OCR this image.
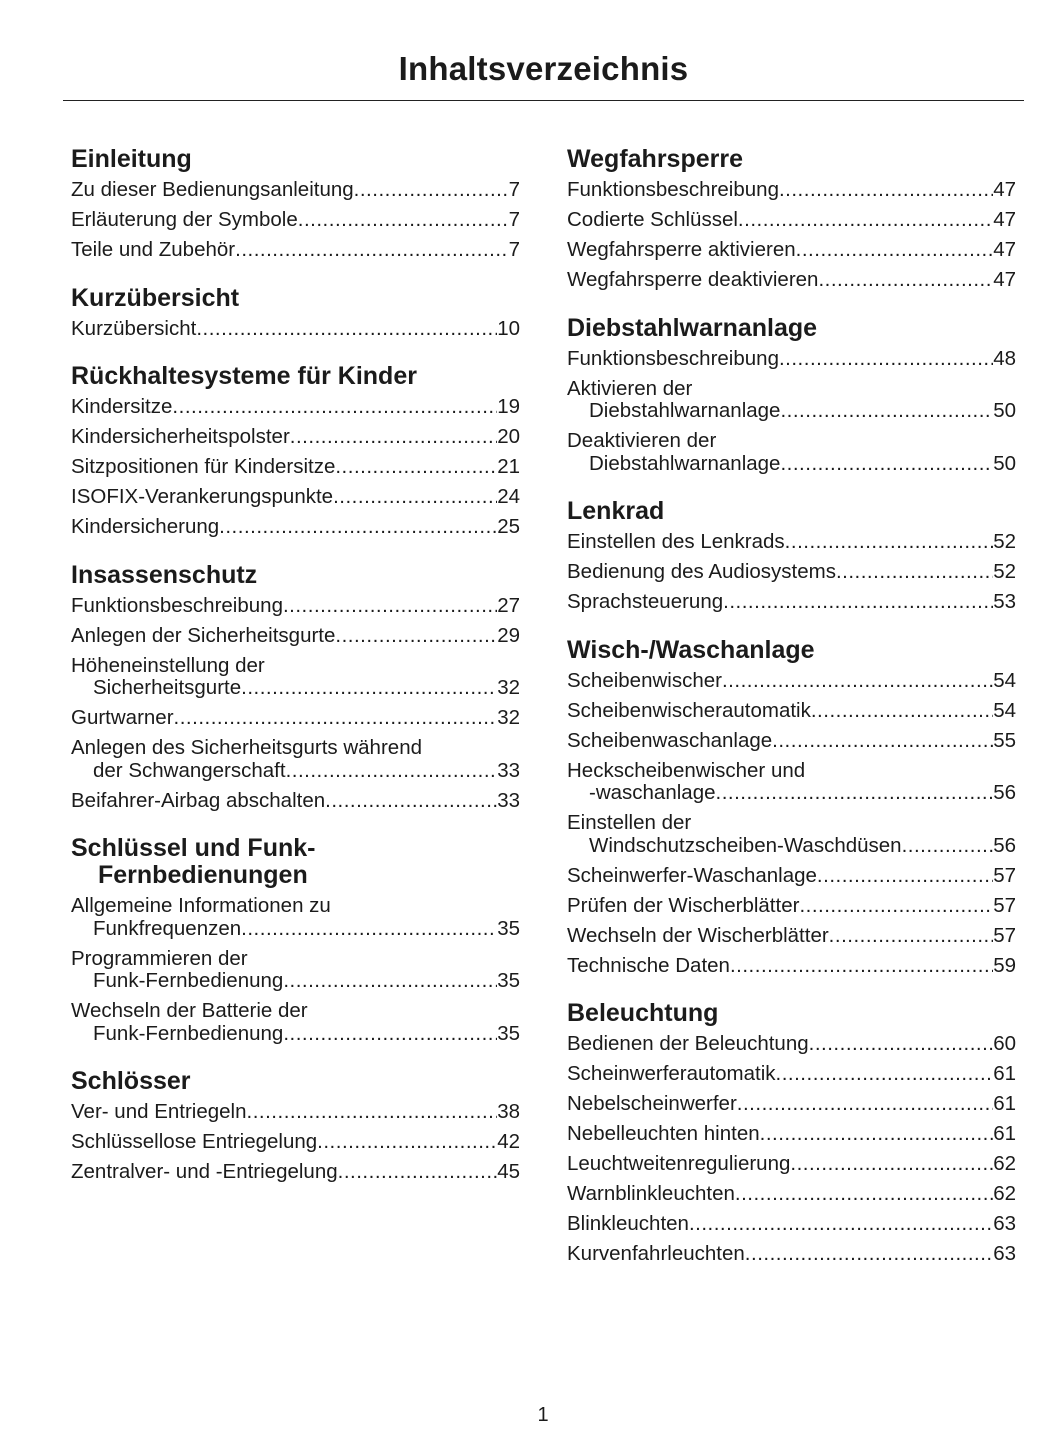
Inhaltsverzeichnis
Einleitung
Zu dieser Bedienungsanleitung .....	7
Erläuterung der Symbole .....	7
Teile und Zubehör .....	7
Kurzübersicht
Kurzübersicht .....	10
Rückhaltesysteme für Kinder
Kindersitze .....	19
Kindersicherheitspolster .....	20
Sitzpositionen für Kindersitze .....	21
ISOFIX-Verankerungspunkte .....	24
Kindersicherung .....	25
Insassenschutz
Funktionsbeschreibung .....	27
Anlegen der Sicherheitsgurte .....	29
Höheneinstellung der
Sicherheitsgurte .....	32
Gurtwarner .....	32
Anlegen des Sicherheitsgurts während
der Schwangerschaft .....	33
Beifahrer-Airbag abschalten .....	33
Schlüssel und Funk-Fernbedienungen
Allgemeine Informationen zu
Funkfrequenzen .....	35
Programmieren der
Funk-Fernbedienung .....	35
Wechseln der Batterie der
Funk-Fernbedienung .....	35
Schlösser
Ver- und Entriegeln .....	38
Schlüssellose Entriegelung .....	42
Zentralver- und -Entriegelung .....	45
Wegfahrsperre
Funktionsbeschreibung .....	47
Codierte Schlüssel .....	47
Wegfahrsperre aktivieren .....	47
Wegfahrsperre deaktivieren .....	47
Diebstahlwarnanlage
Funktionsbeschreibung .....	48
Aktivieren der
Diebstahlwarnanlage .....	50
Deaktivieren der
Diebstahlwarnanlage .....	50
Lenkrad
Einstellen des Lenkrads .....	52
Bedienung des Audiosystems .....	52
Sprachsteuerung .....	53
Wisch-/Waschanlage
Scheibenwischer .....	54
Scheibenwischerautomatik .....	54
Scheibenwaschanlage .....	55
Heckscheibenwischer und
-waschanlage .....	56
Einstellen der
Windschutzscheiben-Waschdüsen .....	56
Scheinwerfer-Waschanlage .....	57
Prüfen der Wischerblätter .....	57
Wechseln der Wischerblätter .....	57
Technische Daten .....	59
Beleuchtung
Bedienen der Beleuchtung .....	60
Scheinwerferautomatik .....	61
Nebelscheinwerfer .....	61
Nebelleuchten hinten .....	61
Leuchtweitenregulierung .....	62
Warnblinkleuchten .....	62
Blinkleuchten .....	63
Kurvenfahrleuchten .....	63
1
